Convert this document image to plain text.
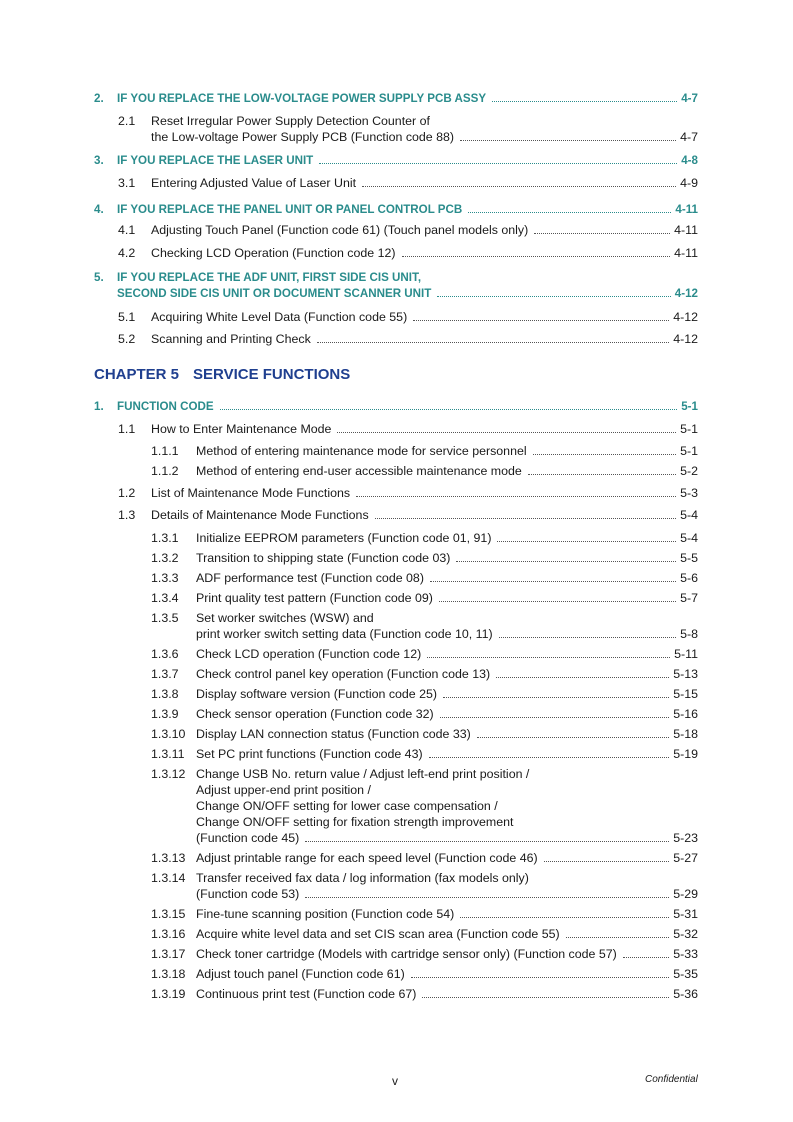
CHAPTER 5 SERVICE FUNCTIONS
2. IF YOU REPLACE THE LOW-VOLTAGE POWER SUPPLY PCB ASSY	4-7
2.1 Reset Irregular Power Supply Detection Counter of
the Low-voltage Power Supply PCB (Function code 88)	4-7
3. IF YOU REPLACE THE LASER UNIT	4-8
3.1 Entering Adjusted Value of Laser Unit	4-9
4. IF YOU REPLACE THE PANEL UNIT OR PANEL CONTROL PCB	4-11
4.1 Adjusting Touch Panel (Function code 61) (Touch panel models only)	4-11
4.2 Checking LCD Operation (Function code 12)	4-11
5. IF YOU REPLACE THE ADF UNIT, FIRST SIDE CIS UNIT,
SECOND SIDE CIS UNIT OR DOCUMENT SCANNER UNIT	4-12
5.1 Acquiring White Level Data (Function code 55)	4-12
5.2 Scanning and Printing Check	4-12
1. FUNCTION CODE	5-1
1.1 How to Enter Maintenance Mode	5-1
1.1.1 Method of entering maintenance mode for service personnel	5-1
1.1.2 Method of entering end-user accessible maintenance mode	5-2
1.2 List of Maintenance Mode Functions	5-3
1.3 Details of Maintenance Mode Functions	5-4
1.3.1 Initialize EEPROM parameters (Function code 01, 91)	5-4
1.3.2 Transition to shipping state (Function code 03)	5-5
1.3.3 ADF performance test (Function code 08)	5-6
1.3.4 Print quality test pattern (Function code 09)	5-7
1.3.5 Set worker switches (WSW) and
print worker switch setting data (Function code 10, 11)	5-8
1.3.6 Check LCD operation (Function code 12)	5-11
1.3.7 Check control panel key operation (Function code 13)	5-13
1.3.8 Display software version (Function code 25)	5-15
1.3.9 Check sensor operation (Function code 32)	5-16
1.3.10 Display LAN connection status (Function code 33)	5-18
1.3.11 Set PC print functions (Function code 43)	5-19
1.3.12 Change USB No. return value / Adjust left-end print position /
Adjust upper-end print position /
Change ON/OFF setting for lower case compensation /
Change ON/OFF setting for fixation strength improvement
(Function code 45)	5-23
1.3.13 Adjust printable range for each speed level (Function code 46)	5-27
1.3.14 Transfer received fax data / log information (fax models only)
(Function code 53)	5-29
1.3.15 Fine-tune scanning position (Function code 54)	5-31
1.3.16 Acquire white level data and set CIS scan area (Function code 55)	5-32
1.3.17 Check toner cartridge (Models with cartridge sensor only) (Function code 57)	5-33
1.3.18 Adjust touch panel (Function code 61)	5-35
1.3.19 Continuous print test (Function code 67)	5-36
v	Confidential
